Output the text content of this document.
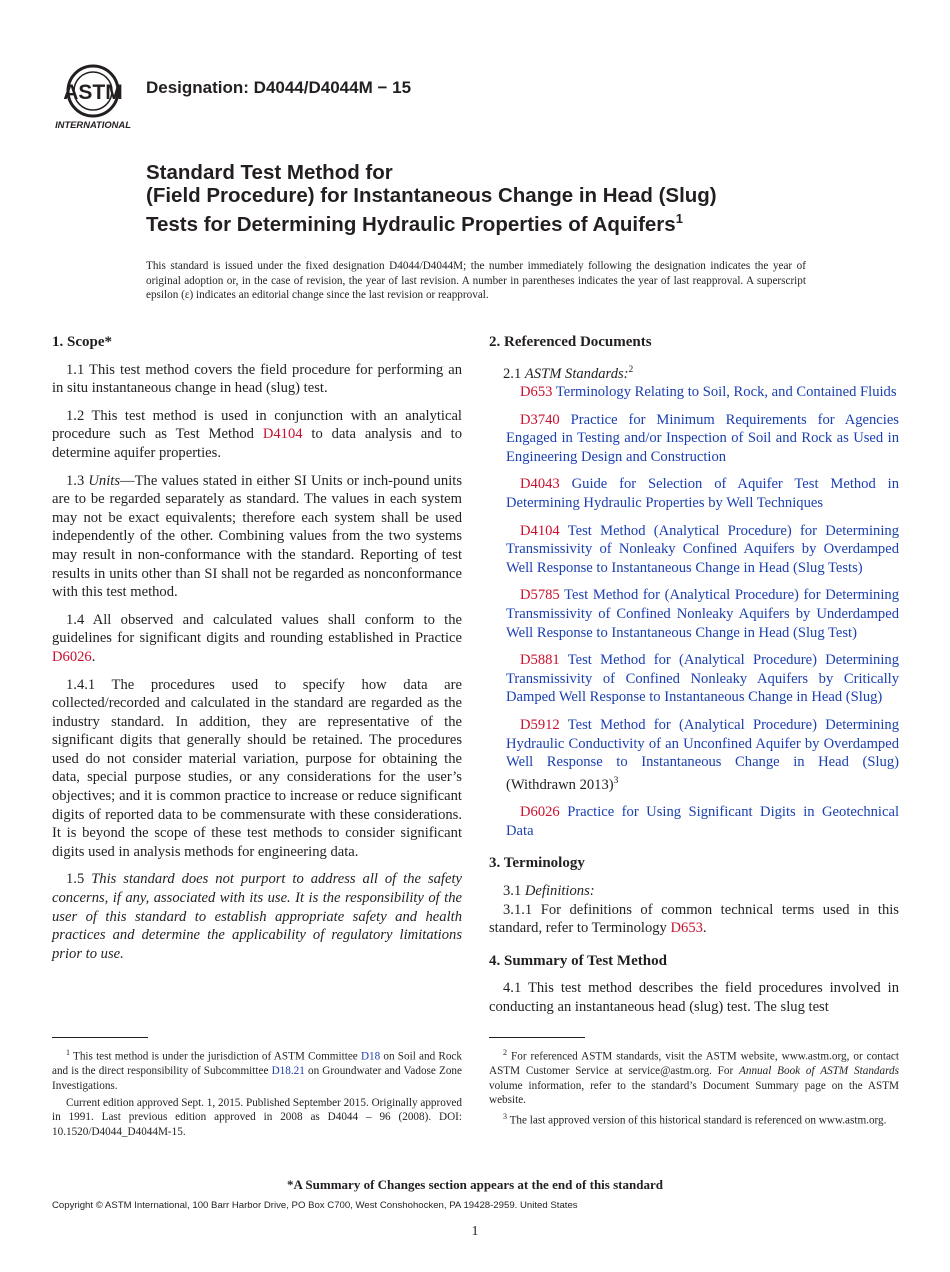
ASTM
INTERNATIONAL
Designation: D4044/D4044M − 15

Standard Test Method for

(Field Procedure) for Instantaneous Change in Head (Slug)

Tests for Determining Hydraulic Properties of Aquifers$^1$

This standard is issued under the fixed designation D4044/D4044M; the number immediately following the designation indicates the year of original adoption or, in the case of revision, the year of last revision. A number in parentheses indicates the year of last reapproval. A superscript epsilon (ε) indicates an editorial change since the last revision or reapproval.
1. Scope*

1.1 This test method covers the field procedure for performing an in situ instantaneous change in head (slug) test.

1.2 This test method is used in conjunction with an analytical procedure such as Test Method D4104 to data analysis and to determine aquifer properties.

1.3 Units—The values stated in either SI Units or inch-pound units are to be regarded separately as standard. The values in each system may not be exact equivalents; therefore each system shall be used independently of the other. Combining values from the two systems may result in non-conformance with the standard. Reporting of test results in units other than SI shall not be regarded as nonconformance with this test method.

1.4 All observed and calculated values shall conform to the guidelines for significant digits and rounding established in Practice D6026.

1.4.1 The procedures used to specify how data are collected/recorded and calculated in the standard are regarded as the industry standard. In addition, they are representative of the significant digits that generally should be retained. The procedures used do not consider material variation, purpose for obtaining the data, special purpose studies, or any considerations for the user’s objectives; and it is common practice to increase or reduce significant digits of reported data to be commensurate with these considerations. It is beyond the scope of these test methods to consider significant digits used in analysis methods for engineering data.

1.5 This standard does not purport to address all of the safety concerns, if any, associated with its use. It is the responsibility of the user of this standard to establish appropriate safety and health practices and determine the applicability of regulatory limitations prior to use.

2. Referenced Documents

2.1 ASTM Standards:$^2$

D653 Terminology Relating to Soil, Rock, and Contained Fluids

D3740 Practice for Minimum Requirements for Agencies Engaged in Testing and/or Inspection of Soil and Rock as Used in Engineering Design and Construction

D4043 Guide for Selection of Aquifer Test Method in Determining Hydraulic Properties by Well Techniques

D4104 Test Method (Analytical Procedure) for Determining Transmissivity of Nonleaky Confined Aquifers by Overdamped Well Response to Instantaneous Change in Head (Slug Tests)

D5785 Test Method for (Analytical Procedure) for Determining Transmissivity of Confined Nonleaky Aquifers by Underdamped Well Response to Instantaneous Change in Head (Slug Test)

D5881 Test Method for (Analytical Procedure) Determining Transmissivity of Confined Nonleaky Aquifers by Critically Damped Well Response to Instantaneous Change in Head (Slug)

D5912 Test Method for (Analytical Procedure) Determining Hydraulic Conductivity of an Unconfined Aquifer by Overdamped Well Response to Instantaneous Change in Head (Slug) (Withdrawn 2013)$^3$

D6026 Practice for Using Significant Digits in Geotechnical Data

3. Terminology

3.1 Definitions:

3.1.1 For definitions of common technical terms used in this standard, refer to Terminology D653.

4. Summary of Test Method

4.1 This test method describes the field procedures involved in conducting an instantaneous head (slug) test. The slug test

$^1$ This test method is under the jurisdiction of ASTM Committee D18 on Soil and Rock and is the direct responsibility of Subcommittee D18.21 on Groundwater and Vadose Zone Investigations.

Current edition approved Sept. 1, 2015. Published September 2015. Originally approved in 1991. Last previous edition approved in 2008 as D4044 – 96 (2008). DOI: 10.1520/D4044_D4044M-15.

$^2$ For referenced ASTM standards, visit the ASTM website, www.astm.org, or contact ASTM Customer Service at service@astm.org. For Annual Book of ASTM Standards volume information, refer to the standard’s Document Summary page on the ASTM website.

$^3$ The last approved version of this historical standard is referenced on www.astm.org.

*A Summary of Changes section appears at the end of this standard
Copyright © ASTM International, 100 Barr Harbor Drive, PO Box C700, West Conshohocken, PA 19428-2959. United States
1
